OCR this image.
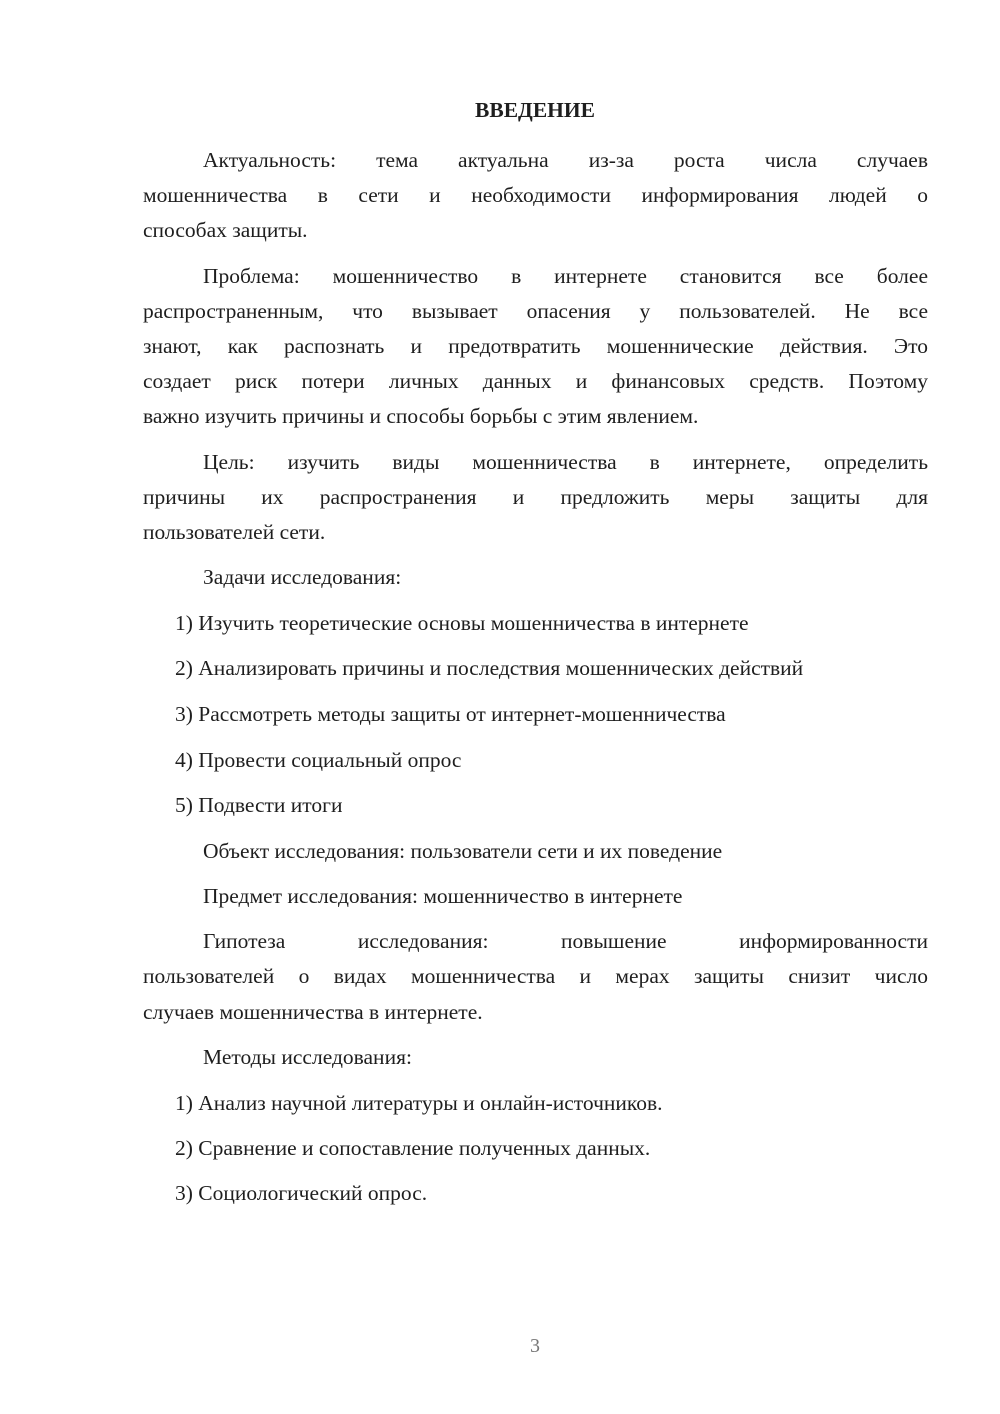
ВВЕДЕНИЕ
Актуальность: тема актуальна из-за роста числа случаев
мошенничества в сети и необходимости информирования людей о
способах защиты.
Проблема: мошенничество в интернете становится все более
распространенным, что вызывает опасения у пользователей. Не все
знают, как распознать и предотвратить мошеннические действия. Это
создает риск потери личных данных и финансовых средств. Поэтому
важно изучить причины и способы борьбы с этим явлением.
Цель: изучить виды мошенничества в интернете, определить
причины их распространения и предложить меры защиты для
пользователей сети.
Задачи исследования:
1) Изучить теоретические основы мошенничества в интернете
2) Анализировать причины и последствия мошеннических действий
3) Рассмотреть методы защиты от интернет-мошенничества
4) Провести социальный опрос
5) Подвести итоги
Объект исследования: пользователи сети и их поведение
Предмет исследования: мошенничество в интернете
Гипотеза исследования: повышение информированности
пользователей о видах мошенничества и мерах защиты снизит число
случаев мошенничества в интернете.
Методы исследования:
1) Анализ научной литературы и онлайн-источников.
2) Сравнение и сопоставление полученных данных.
3) Социологический опрос.
3
